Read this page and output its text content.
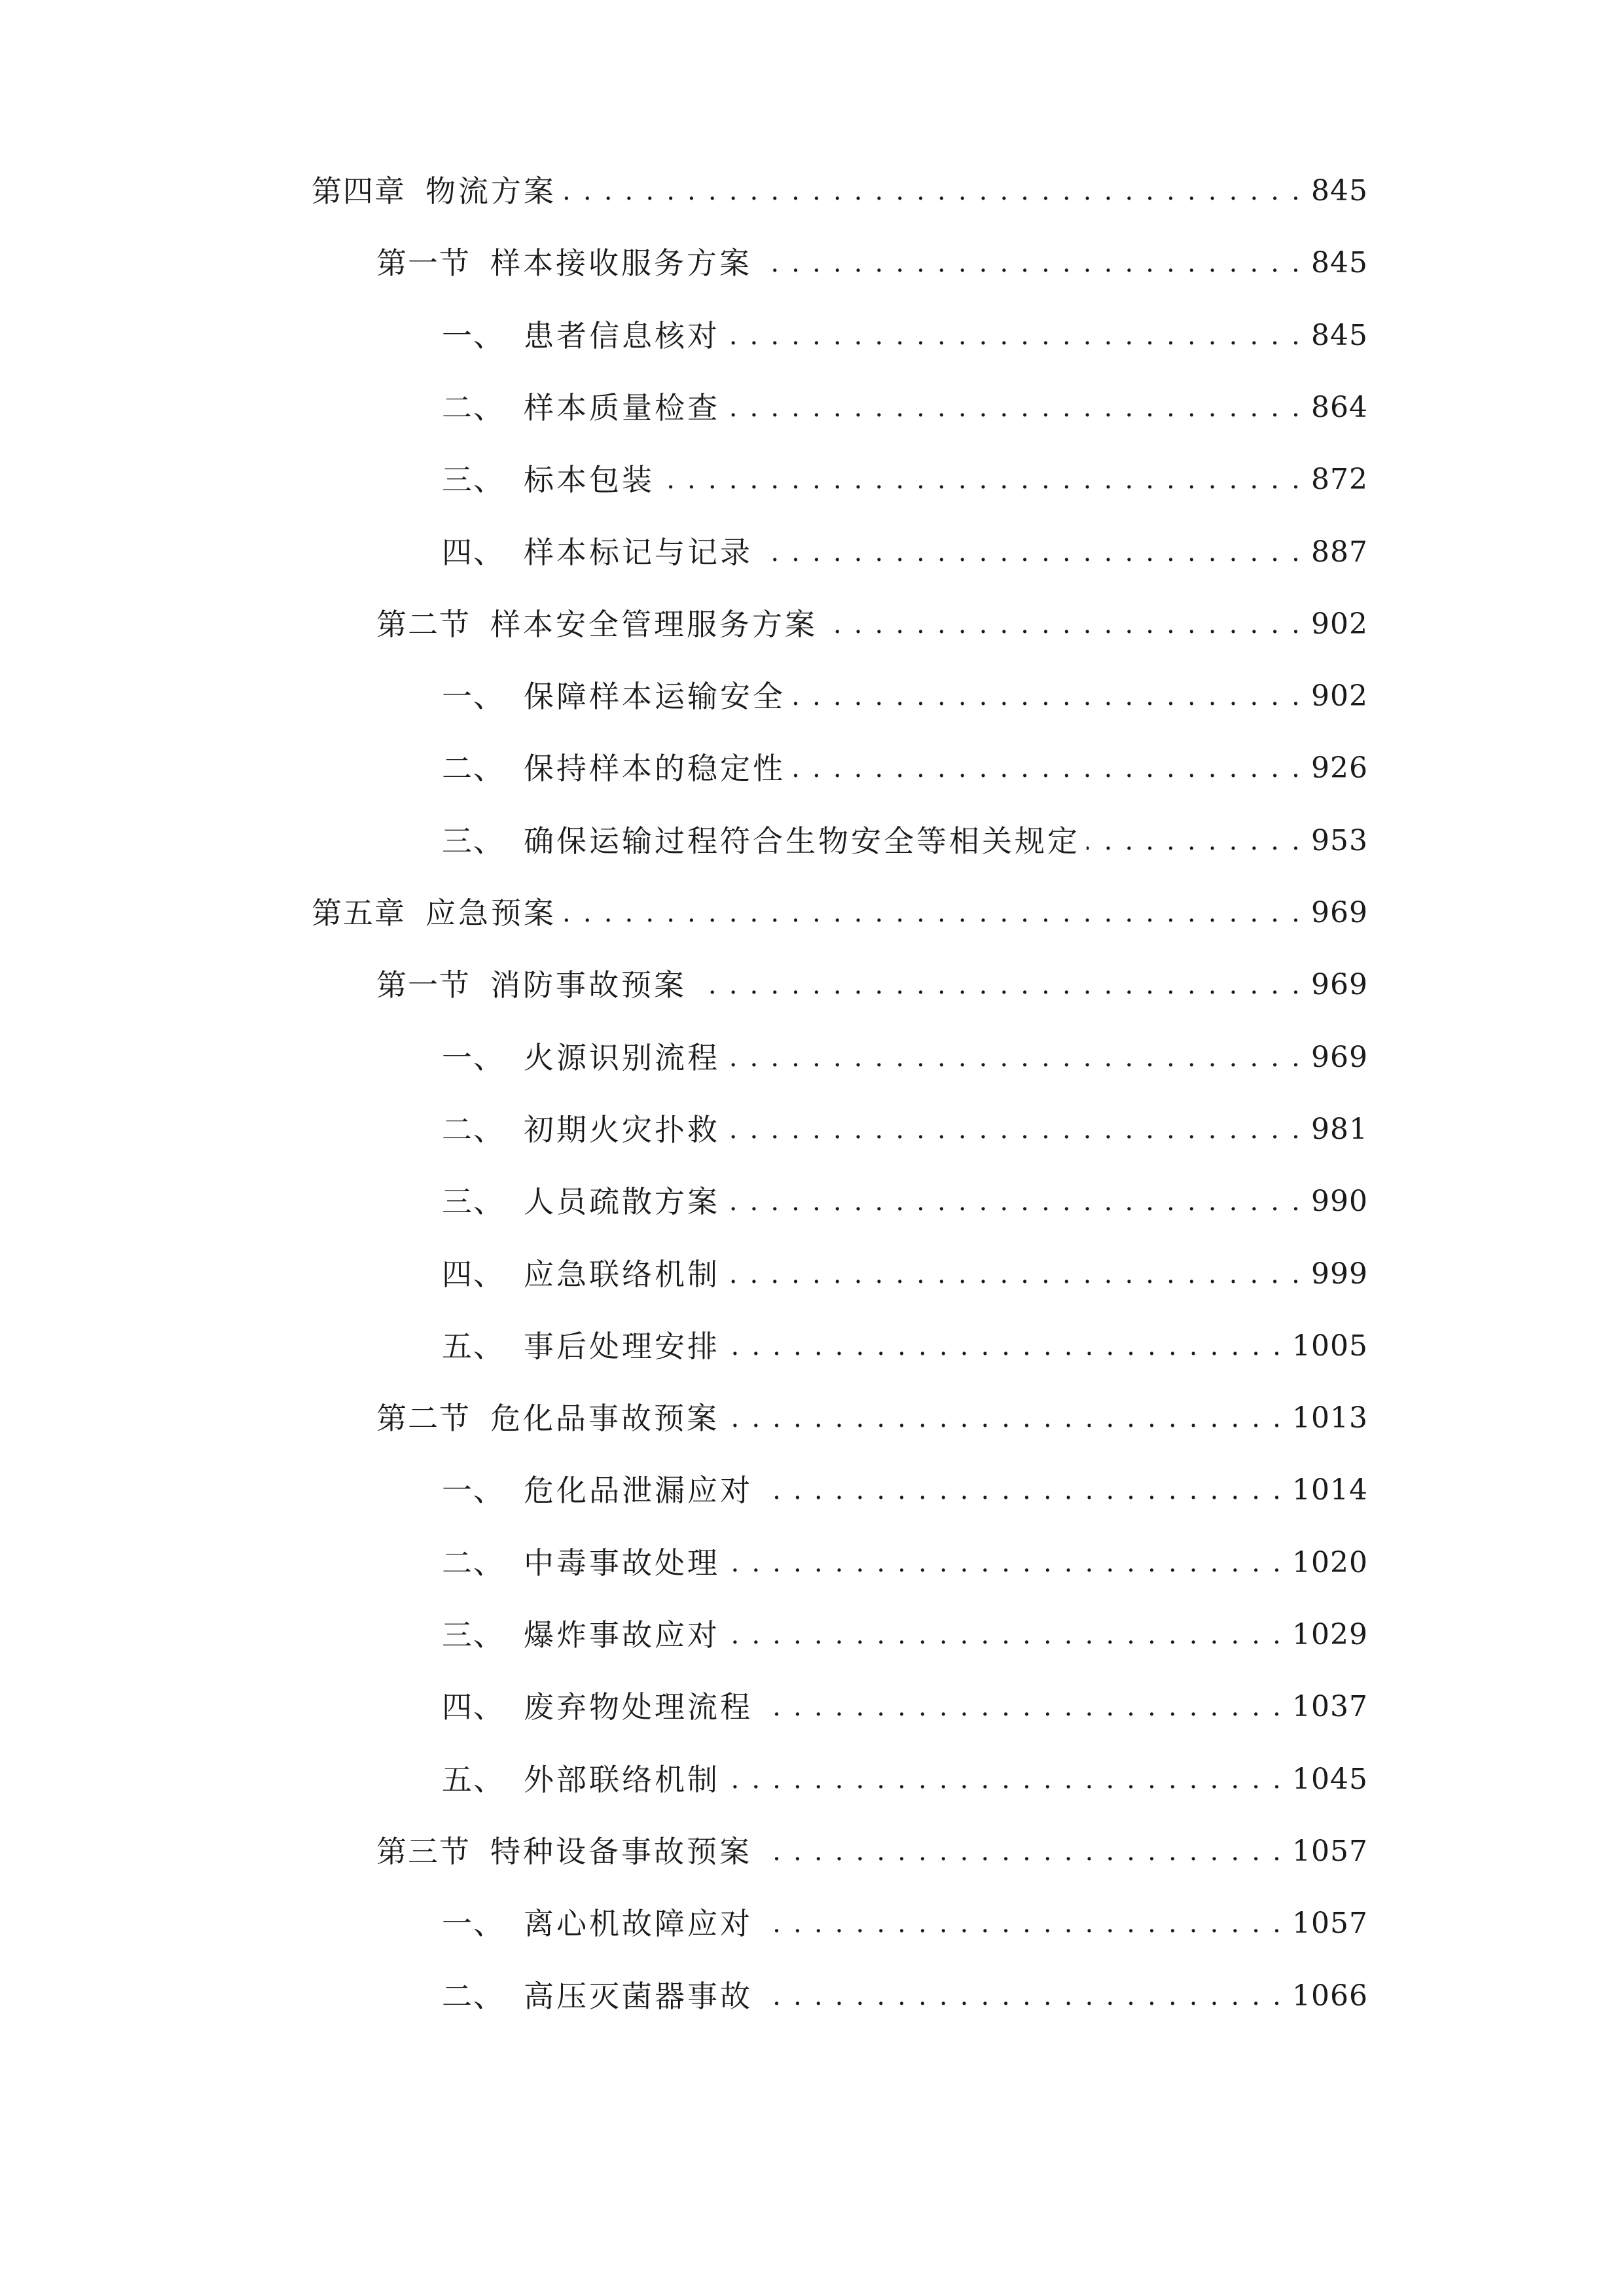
第四章 物流方案 . . .	845
第一节 样本接收服务方案 . . .	845
一、 患者信息核对 . . .	845
二、 样本质量检查 . . .	864
三、 标本包装 . . .	872
四、 样本标记与记录 . . .	887
第二节 样本安全管理服务方案 . . .	902
一、 保障样本运输安全 . . .	902
二、 保持样本的稳定性 . . .	926
三、 确保运输过程符合生物安全等相关规定 . . .	953
第五章 应急预案 . . .	969
第一节 消防事故预案 . . .	969
一、 火源识别流程 . . .	969
二、 初期火灾扑救 . . .	981
三、 人员疏散方案 . . .	990
四、 应急联络机制 . . .	999
五、 事后处理安排 . . .	1005
第二节 危化品事故预案 . . .	1013
一、 危化品泄漏应对 . . .	1014
二、 中毒事故处理 . . .	1020
三、 爆炸事故应对 . . .	1029
四、 废弃物处理流程 . . .	1037
五、 外部联络机制 . . .	1045
第三节 特种设备事故预案 . . .	1057
一、 离心机故障应对 . . .	1057
二、 高压灭菌器事故 . . .	1066
